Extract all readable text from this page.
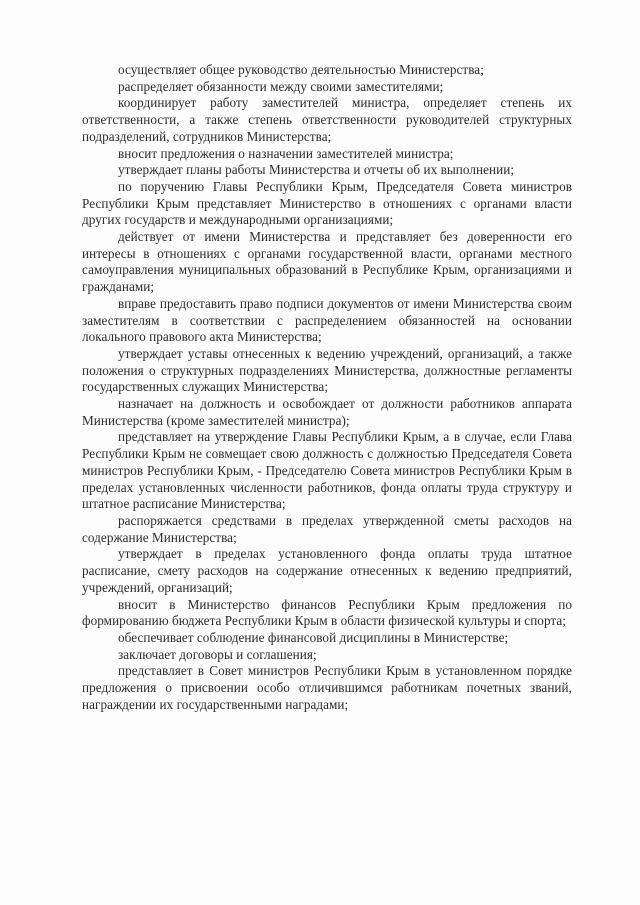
осуществляет общее руководство деятельностью Министерства;

распределяет обязанности между своими заместителями;

координирует работу заместителей министра, определяет степень их ответственности, а также степень ответственности руководителей структурных подразделений, сотрудников Министерства;

вносит предложения о назначении заместителей министра;

утверждает планы работы Министерства и отчеты об их выполнении;

по поручению Главы Республики Крым, Председателя Совета министров Республики Крым представляет Министерство в отношениях с органами власти других государств и международными организациями;

действует от имени Министерства и представляет без доверенности его интересы в отношениях с органами государственной власти, органами местного самоуправления муниципальных образований в Республике Крым, организациями и гражданами;

вправе предоставить право подписи документов от имени Министерства своим заместителям в соответствии с распределением обязанностей на основании локального правового акта Министерства;

утверждает уставы отнесенных к ведению учреждений, организаций, а также положения о структурных подразделениях Министерства, должностные регламенты государственных служащих Министерства;

назначает на должность и освобождает от должности работников аппарата Министерства (кроме заместителей министра);

представляет на утверждение Главы Республики Крым, а в случае, если Глава Республики Крым не совмещает свою должность с должностью Председателя Совета министров Республики Крым, - Председателю Совета министров Республики Крым в пределах установленных численности работников, фонда оплаты труда структуру и штатное расписание Министерства;

распоряжается средствами в пределах утвержденной сметы расходов на содержание Министерства;

утверждает в пределах установленного фонда оплаты труда штатное расписание, смету расходов на содержание отнесенных к ведению предприятий, учреждений, организаций;

вносит в Министерство финансов Республики Крым предложения по формированию бюджета Республики Крым в области физической культуры и спорта;

обеспечивает соблюдение финансовой дисциплины в Министерстве;

заключает договоры и соглашения;

представляет в Совет министров Республики Крым в установленном порядке предложения о присвоении особо отличившимся работникам почетных званий, награждении их государственными наградами;
